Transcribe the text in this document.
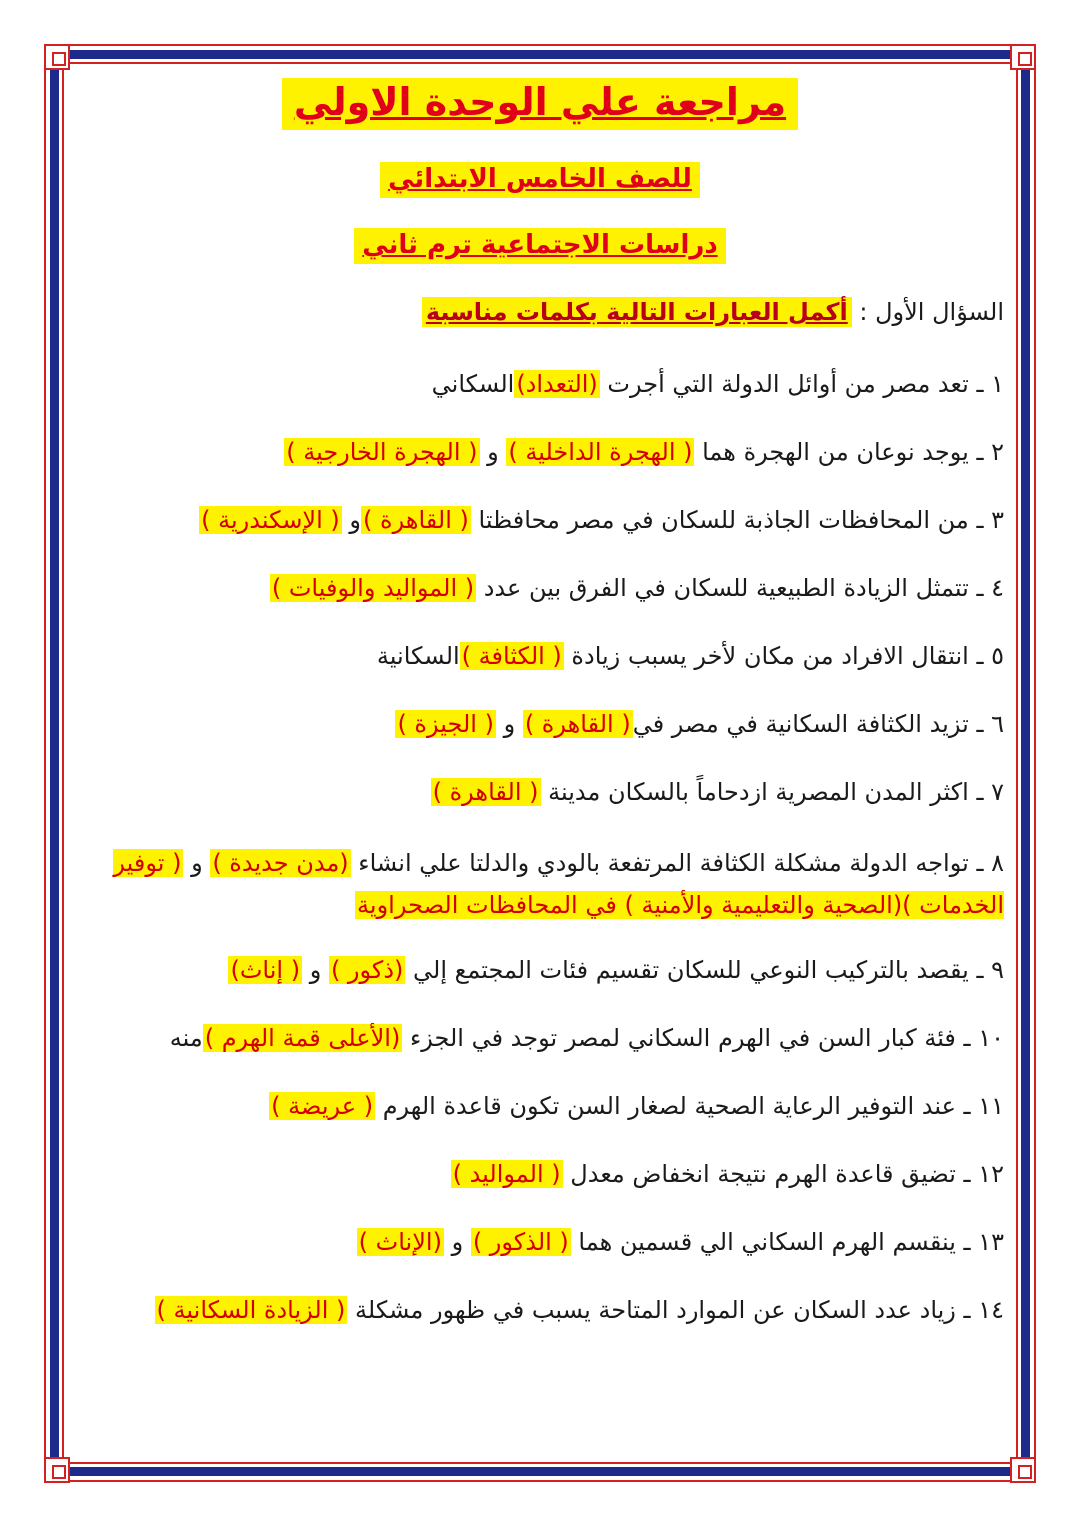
مراجعة علي الوحدة الاولي
للصف الخامس الابتدائي
دراسات الاجتماعية ترم ثاني
السؤال الأول : أكمل العبارات التالية بكلمات مناسبة

١ ـ تعد مصر من أوائل الدولة التي أجرت (التعداد)السكاني

٢ ـ يوجد نوعان من الهجرة هما ( الهجرة الداخلية ) و ( الهجرة الخارجية )

٣ ـ من المحافظات الجاذبة للسكان في مصر محافظتا ( القاهرة )و ( الإسكندرية )

٤ ـ تتمثل الزيادة الطبيعية للسكان في الفرق بين عدد ( المواليد والوفيات )

٥ ـ انتقال الافراد من مكان لأخر يسبب زيادة ( الكثافة )السكانية

٦ ـ تزيد الكثافة السكانية في مصر في( القاهرة ) و ( الجيزة )

٧ ـ اكثر المدن المصرية ازدحاماً بالسكان مدينة ( القاهرة )

٨ ـ تواجه الدولة مشكلة الكثافة المرتفعة بالودي والدلتا علي انشاء (مدن جديدة ) و ( توفير الخدمات )(الصحية والتعليمية والأمنية ) في المحافظات الصحراوية

٩ ـ يقصد بالتركيب النوعي للسكان تقسيم فئات المجتمع إلي (ذكور ) و ( إناث)

١٠ ـ فئة كبار السن في الهرم السكاني لمصر توجد في الجزء (الأعلى قمة الهرم )منه

١١ ـ عند التوفير الرعاية الصحية لصغار السن تكون قاعدة الهرم ( عريضة )

١٢ ـ تضيق قاعدة الهرم نتيجة انخفاض معدل ( المواليد )

١٣ ـ ينقسم الهرم السكاني الي قسمين هما ( الذكور ) و (الإناث )

١٤ ـ زياد عدد السكان عن الموارد المتاحة يسبب في ظهور مشكلة ( الزيادة السكانية )
